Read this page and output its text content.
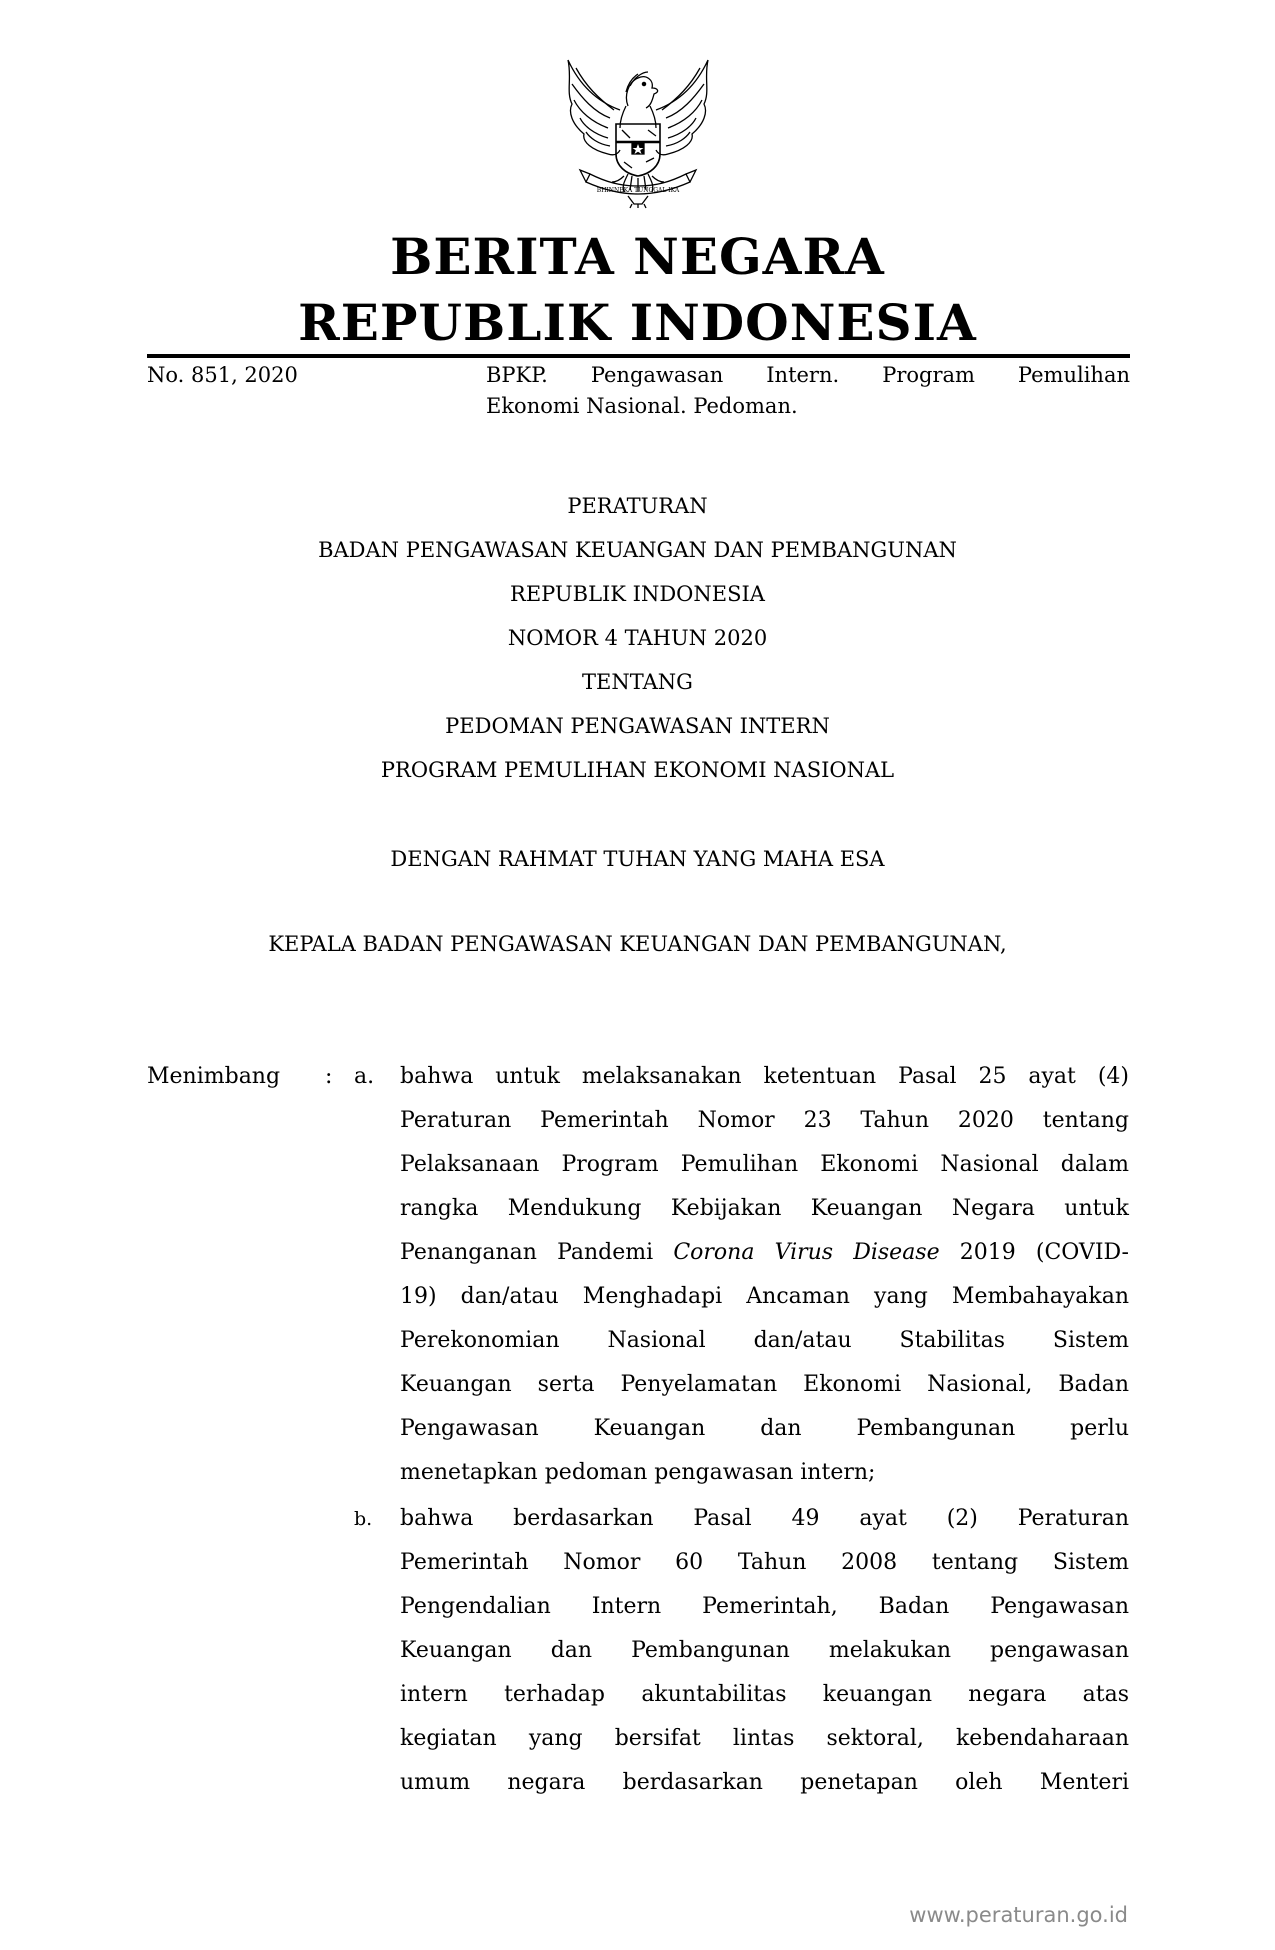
BHINNEKA TUNGGAL IKA
BERITA NEGARA
REPUBLIK INDONESIA
No. 851, 2020	BPKP. Pengawasan Intern. Program Pemulihan
Ekonomi Nasional. Pedoman.
PERATURAN
BADAN PENGAWASAN KEUANGAN DAN PEMBANGUNAN
REPUBLIK INDONESIA
NOMOR 4 TAHUN 2020
TENTANG
PEDOMAN PENGAWASAN INTERN
PROGRAM PEMULIHAN EKONOMI NASIONAL
DENGAN RAHMAT TUHAN YANG MAHA ESA
KEPALA BADAN PENGAWASAN KEUANGAN DAN PEMBANGUNAN,
Menimbang : a. bahwa untuk melaksanakan ketentuan Pasal 25 ayat (4)
Peraturan Pemerintah Nomor 23 Tahun 2020 tentang
Pelaksanaan Program Pemulihan Ekonomi Nasional dalam
rangka Mendukung Kebijakan Keuangan Negara untuk
Penanganan Pandemi Corona Virus Disease 2019 (COVID-
19) dan/atau Menghadapi Ancaman yang Membahayakan
Perekonomian Nasional dan/atau Stabilitas Sistem
Keuangan serta Penyelamatan Ekonomi Nasional, Badan
Pengawasan Keuangan dan Pembangunan perlu
menetapkan pedoman pengawasan intern;
b. bahwa berdasarkan Pasal 49 ayat (2) Peraturan
Pemerintah Nomor 60 Tahun 2008 tentang Sistem
Pengendalian Intern Pemerintah, Badan Pengawasan
Keuangan dan Pembangunan melakukan pengawasan
intern terhadap akuntabilitas keuangan negara atas
kegiatan yang bersifat lintas sektoral, kebendaharaan
umum negara berdasarkan penetapan oleh Menteri
www.peraturan.go.id
